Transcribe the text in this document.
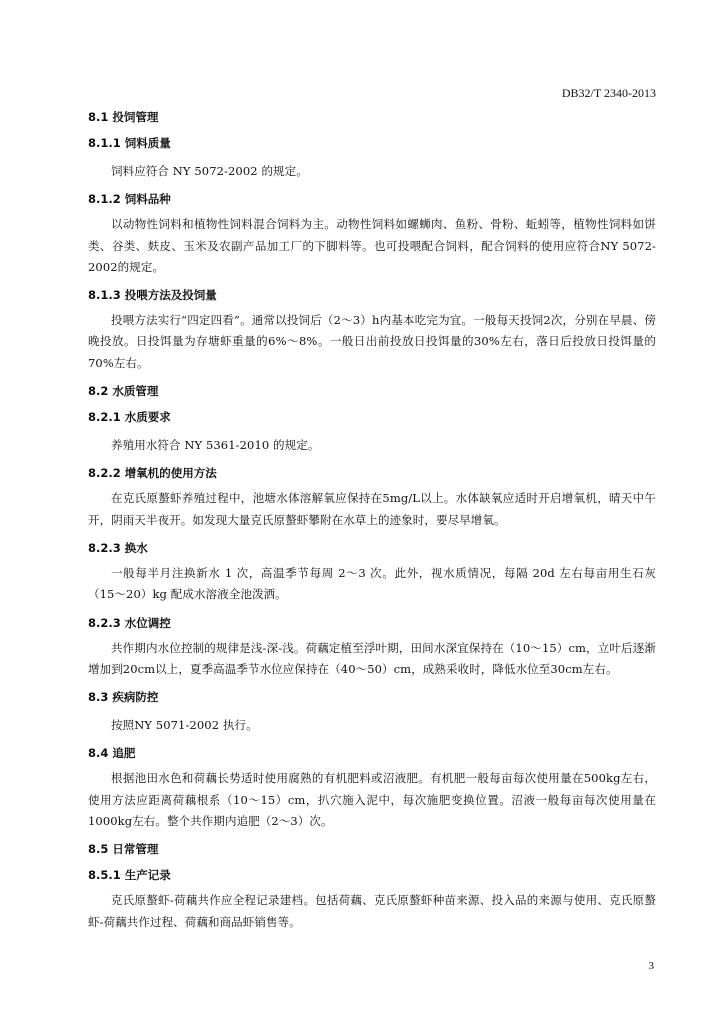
DB32/T 2340-2013
8.1 投饲管理
8.1.1 饲料质量

饲料应符合 NY 5072-2002 的规定。

8.1.2 饲料品种

以动物性饲料和植物性饲料混合饲料为主。动物性饲料如螺蛳肉、鱼粉、骨粉、蚯蚓等，植物性饲料如饼类、谷类、麸皮、玉米及农副产品加工厂的下脚料等。也可投喂配合饲料，配合饲料的使用应符合NY 5072-2002的规定。

8.1.3 投喂方法及投饲量

投喂方法实行“四定四看”。通常以投饲后（2～3）h内基本吃完为宜。一般每天投饲2次，分别在早晨、傍晚投放。日投饵量为存塘虾重量的6%～8%。一般日出前投放日投饵量的30%左右，落日后投放日投饵量的70%左右。

8.2 水质管理
8.2.1 水质要求

养殖用水符合 NY 5361-2010 的规定。

8.2.2 增氧机的使用方法

在克氏原螯虾养殖过程中，池塘水体溶解氧应保持在5mg/L以上。水体缺氧应适时开启增氧机，晴天中午开，阴雨天半夜开。如发现大量克氏原螯虾攀附在水草上的迹象时，要尽早增氧。

8.2.3 换水

一般每半月注换新水 1 次，高温季节每周 2～3 次。此外，视水质情况，每隔 20d 左右每亩用生石灰（15～20）kg 配成水溶液全池泼洒。

8.2.3 水位调控

共作期内水位控制的规律是浅-深-浅。荷藕定植至浮叶期，田间水深宜保持在（10～15）cm，立叶后逐渐增加到20cm以上，夏季高温季节水位应保持在（40～50）cm，成熟采收时，降低水位至30cm左右。

8.3 疾病防控

按照NY 5071-2002 执行。

8.4 追肥

根据池田水色和荷藕长势适时使用腐熟的有机肥料或沼液肥。有机肥一般每亩每次使用量在500kg左右，使用方法应距离荷藕根系（10～15）cm，扒穴施入泥中，每次施肥变换位置。沼液一般每亩每次使用量在1000kg左右。整个共作期内追肥（2～3）次。

8.5 日常管理
8.5.1 生产记录

克氏原螯虾-荷藕共作应全程记录建档。包括荷藕、克氏原螯虾种苗来源、投入品的来源与使用、克氏原螯虾-荷藕共作过程、荷藕和商品虾销售等。

3
